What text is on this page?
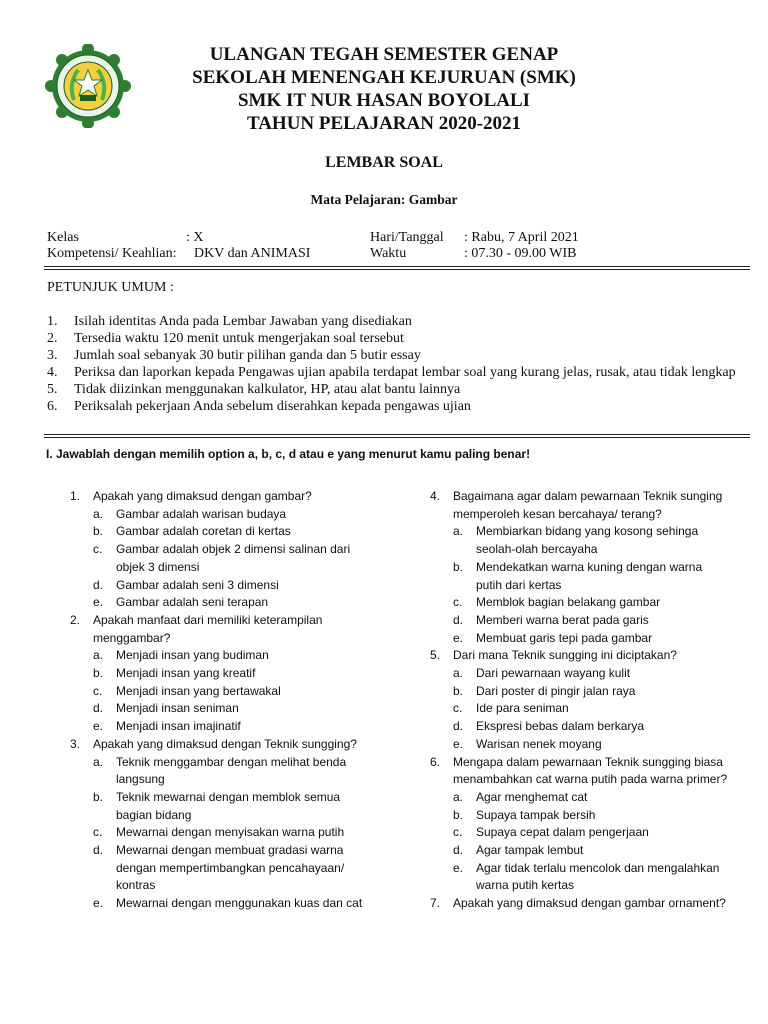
ULANGAN TEGAH SEMESTER GENAP
SEKOLAH MENENGAH KEJURUAN (SMK)
SMK IT NUR HASAN BOYOLALI
TAHUN PELAJARAN 2020-2021
LEMBAR SOAL
Mata Pelajaran: Gambar
Kelas	: X
Kompetensi/ Keahlian: DKV dan ANIMASI
Hari/Tanggal : Rabu, 7 April 2021
Waktu	: 07.30 - 09.00 WIB
PETUNJUK UMUM :
1.	Isilah identitas Anda pada Lembar Jawaban yang disediakan
2.	Tersedia waktu 120 menit untuk mengerjakan soal tersebut
3.	Jumlah soal sebanyak 30 butir pilihan ganda dan 5 butir essay
4.	Periksa dan laporkan kepada Pengawas ujian apabila terdapat lembar soal yang kurang jelas, rusak, atau tidak lengkap
5.	Tidak diizinkan menggunakan kalkulator, HP, atau alat bantu lainnya
6.	Periksalah pekerjaan Anda sebelum diserahkan kepada pengawas ujian
I. Jawablah dengan memilih option a, b, c, d atau e yang menurut kamu paling benar!
1.	Apakah yang dimaksud dengan gambar?
a.	Gambar adalah warisan budaya
b.	Gambar adalah coretan di kertas
c.	Gambar adalah objek 2 dimensi salinan dari objek 3 dimensi
d.	Gambar adalah seni 3 dimensi
e.	Gambar adalah seni terapan
2.	Apakah manfaat dari memiliki keterampilan menggambar?
a.	Menjadi insan yang budiman
b.	Menjadi insan yang kreatif
c.	Menjadi insan yang bertawakal
d.	Menjadi insan seniman
e.	Menjadi insan imajinatif
3.	Apakah yang dimaksud dengan Teknik sungging?
a.	Teknik menggambar dengan melihat benda langsung
b.	Teknik mewarnai dengan memblok semua bagian bidang
c.	Mewarnai dengan menyisakan warna putih
d.	Mewarnai dengan membuat gradasi warna dengan mempertimbangkan pencahayaan/ kontras
e.	Mewarnai dengan menggunakan kuas dan cat
4.	Bagaimana agar dalam pewarnaan Teknik sunging memperoleh kesan bercahaya/ terang?
a.	Membiarkan bidang yang kosong sehinga seolah-olah bercayaha
b.	Mendekatkan warna kuning dengan warna putih dari kertas
c.	Memblok bagian belakang gambar
d.	Memberi warna berat pada garis
e.	Membuat garis tepi pada gambar
5.	Dari mana Teknik sungging ini diciptakan?
a.	Dari pewarnaan wayang kulit
b.	Dari poster di pingir jalan raya
c.	Ide para seniman
d.	Ekspresi bebas dalam berkarya
e.	Warisan nenek moyang
6.	Mengapa dalam pewarnaan Teknik sungging biasa menambahkan cat warna putih pada warna primer?
a.	Agar menghemat cat
b.	Supaya tampak bersih
c.	Supaya cepat dalam pengerjaan
d.	Agar tampak lembut
e.	Agar tidak terlalu mencolok dan mengalahkan warna putih kertas
7.	Apakah yang dimaksud dengan gambar ornament?
